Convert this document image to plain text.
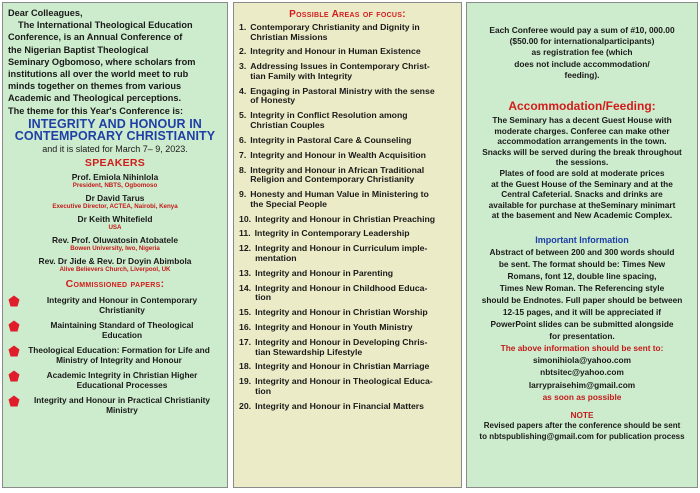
Dear Colleagues,

The International Theological Education
Conference, is an Annual Conference of
the Nigerian Baptist Theological
Seminary Ogbomoso, where scholars from
institutions all over the world meet to rub
minds together on themes from various
Academic and Theological perceptions.
The theme for this Year's Conference is:
INTEGRITY AND HONOUR IN
CONTEMPORARY CHRISTIANITY

and it is slated for March 7– 9, 2023.

SPEAKERS
Prof. Emiola Nihinlola
President, NBTS, Ogbomoso
Dr David Tarus
Executive Director, ACTEA, Nairobi, Kenya
Dr Keith Whitefield
USA
Rev. Prof. Oluwatosin Atobatele
Bowen University, Iwo, Nigeria
Rev. Dr Jide & Rev. Dr Doyin Abimbola
Alive Believers Church, Liverpool, UK
Commissioned papers:
Integrity and Honour in Contemporary
Christianity
Maintaining Standard of Theological
Education
Theological Education: Formation for Life and
Ministry of Integrity and Honour
Academic Integrity in Christian Higher
Educational Processes
Integrity and Honour in Practical Christianity
Ministry
Possible Areas of focus:
1. Contemporary Christianity and Dignity in
Christian Missions
2. Integrity and Honour in Human Existence
3. Addressing Issues in Contemporary Christ-
tian Family with Integrity
4. Engaging in Pastoral Ministry with the sense
of Honesty
5. Integrity in Conflict Resolution among
Christian Couples
6. Integrity in Pastoral Care & Counseling
7. Integrity and Honour in Wealth Acquisition
8. Integrity and Honour in African Traditional
Religion and Contemporary Christianity
9. Honesty and Human Value in Ministering to
the Special People
10. Integrity and Honour in Christian Preaching
11. Integrity in Contemporary Leadership
12. Integrity and Honour in Curriculum imple-
mentation
13. Integrity and Honour in Parenting
14. Integrity and Honour in Childhood Educa-
tion
15. Integrity and Honour in Christian Worship
16. Integrity and Honour in Youth Ministry
17. Integrity and Honour in Developing Chris-
tian Stewardship Lifestyle
18. Integrity and Honour in Christian Marriage
19. Integrity and Honour in Theological Educa-
tion
20. Integrity and Honour in Financial Matters
Each Conferee would pay a sum of #10, 000.00
($50.00 for internationalparticipants)
as registration fee (which
does not include accommodation/
feeding).

Accommodation/Feeding:

The Seminary has a decent Guest House with
moderate charges. Conferee can make other
accommodation arrangements in the town.
Snacks will be served during the break throughout
the sessions.
Plates of food are sold at moderate prices
at the Guest House of the Seminary and at the
Central Cafeterial. Snacks and drinks are
available for purchase at theSeminary minimart
at the basement and New Academic Complex.

Important Information

Abstract of between 200 and 300 words should
be sent. The format should be: Times New
Romans, font 12, double line spacing,
Times New Roman. The Referencing style
should be Endnotes. Full paper should be between
12-15 pages, and it will be appreciated if
PowerPoint slides can be submitted alongside
for presentation.

The above information should be sent to:

simonihiola@yahoo.com
nbtsitec@yahoo.com
larrypraisehim@gmail.com

as soon as possible

NOTE

Revised papers after the conference should be sent
to nbtspublishing@gmail.com for publication process
